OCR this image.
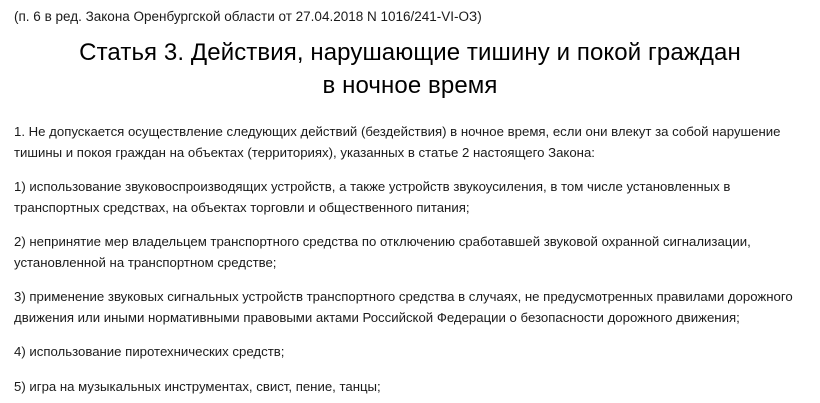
(п. 6 в ред. Закона Оренбургской области от 27.04.2018 N 1016/241-VI-ОЗ)
Статья 3. Действия, нарушающие тишину и покой граждан
в ночное время

1. Не допускается осуществление следующих действий (бездействия) в ночное время, если они влекут за собой нарушение тишины и покоя граждан на объектах (территориях), указанных в статье 2 настоящего Закона:

1) использование звуковоспроизводящих устройств, а также устройств звукоусиления, в том числе установленных в транспортных средствах, на объектах торговли и общественного питания;

2) непринятие мер владельцем транспортного средства по отключению сработавшей звуковой охранной сигнализации, установленной на транспортном средстве;

3) применение звуковых сигнальных устройств транспортного средства в случаях, не предусмотренных правилами дорожного движения или иными нормативными правовыми актами Российской Федерации о безопасности дорожного движения;

4) использование пиротехнических средств;

5) игра на музыкальных инструментах, свист, пение, танцы;
